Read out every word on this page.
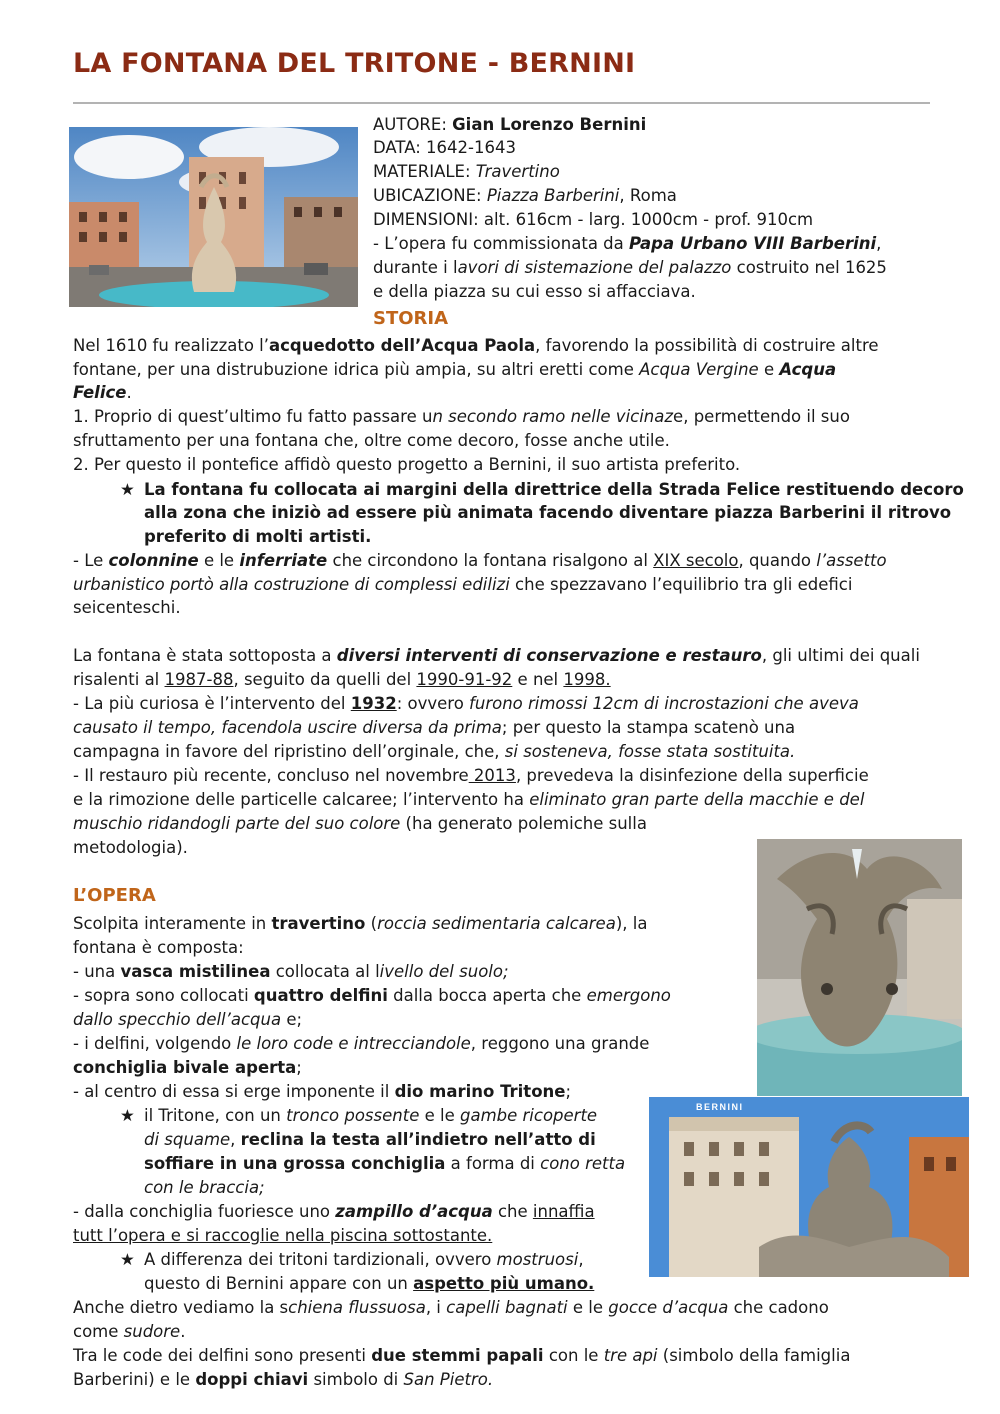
LA FONTANA DEL TRITONE - BERNINI
AUTORE: Gian Lorenzo Bernini
DATA: 1642-1643
MATERIALE: Travertino
UBICAZIONE: Piazza Barberini, Roma
DIMENSIONI: alt. 616cm - larg. 1000cm - prof. 910cm
- L’opera fu commissionata da Papa Urbano VIII Barberini,
durante i lavori di sistemazione del palazzo costruito nel 1625
e della piazza su cui esso si affacciava.
STORIA
Nel 1610 fu realizzato l’acquedotto dell’Acqua Paola, favorendo la possibilità di costruire altre
fontane, per una distrubuzione idrica più ampia, su altri eretti come Acqua Vergine e Acqua
Felice.
1. Proprio di quest’ultimo fu fatto passare un secondo ramo nelle vicinaze, permettendo il suo
sfruttamento per una fontana che, oltre come decoro, fosse anche utile.
2. Per questo il pontefice affidò questo progetto a Bernini, il suo artista preferito.
★ La fontana fu collocata ai margini della direttrice della Strada Felice restituendo decoro
alla zona che iniziò ad essere più animata facendo diventare piazza Barberini il ritrovo
preferito di molti artisti.
- Le colonnine e le inferriate che circondono la fontana risalgono al XIX secolo, quando l’assetto
urbanistico portò alla costruzione di complessi edilizi che spezzavano l’equilibrio tra gli edefici
seicenteschi.
La fontana è stata sottoposta a diversi interventi di conservazione e restauro, gli ultimi dei quali
risalenti al 1987-88, seguito da quelli del 1990-91-92 e nel 1998.
- La più curiosa è l’intervento del 1932: ovvero furono rimossi 12cm di incrostazioni che aveva
causato il tempo, facendola uscire diversa da prima; per questo la stampa scatenò una
campagna in favore del ripristino dell’orginale, che, si sosteneva, fosse stata sostituita.
- Il restauro più recente, concluso nel novembre 2013, prevedeva la disinfezione della superficie
e la rimozione delle particelle calcaree; l’intervento ha eliminato gran parte della macchie e del
muschio ridandogli parte del suo colore (ha generato polemiche sulla
metodologia).
BERNINI
L’OPERA
Scolpita interamente in travertino (roccia sedimentaria calcarea), la
fontana è composta:
- una vasca mistilinea collocata al livello del suolo;
- sopra sono collocati quattro delfini dalla bocca aperta che emergono
dallo specchio dell’acqua e;
- i delfini, volgendo le loro code e intrecciandole, reggono una grande
conchiglia bivale aperta;
- al centro di essa si erge imponente il dio marino Tritone;
★ il Tritone, con un tronco possente e le gambe ricoperte
di squame, reclina la testa all’indietro nell’atto di
soffiare in una grossa conchiglia a forma di cono retta
con le braccia;
- dalla conchiglia fuoriesce uno zampillo d’acqua che innaffia
tutt l’opera e si raccoglie nella piscina sottostante.
★ A differenza dei tritoni tardizionali, ovvero mostruosi,
questo di Bernini appare con un aspetto più umano.
Anche dietro vediamo la schiena flussuosa, i capelli bagnati e le gocce d’acqua che cadono
come sudore.
Tra le code dei delfini sono presenti due stemmi papali con le tre api (simbolo della famiglia
Barberini) e le doppi chiavi simbolo di San Pietro.
